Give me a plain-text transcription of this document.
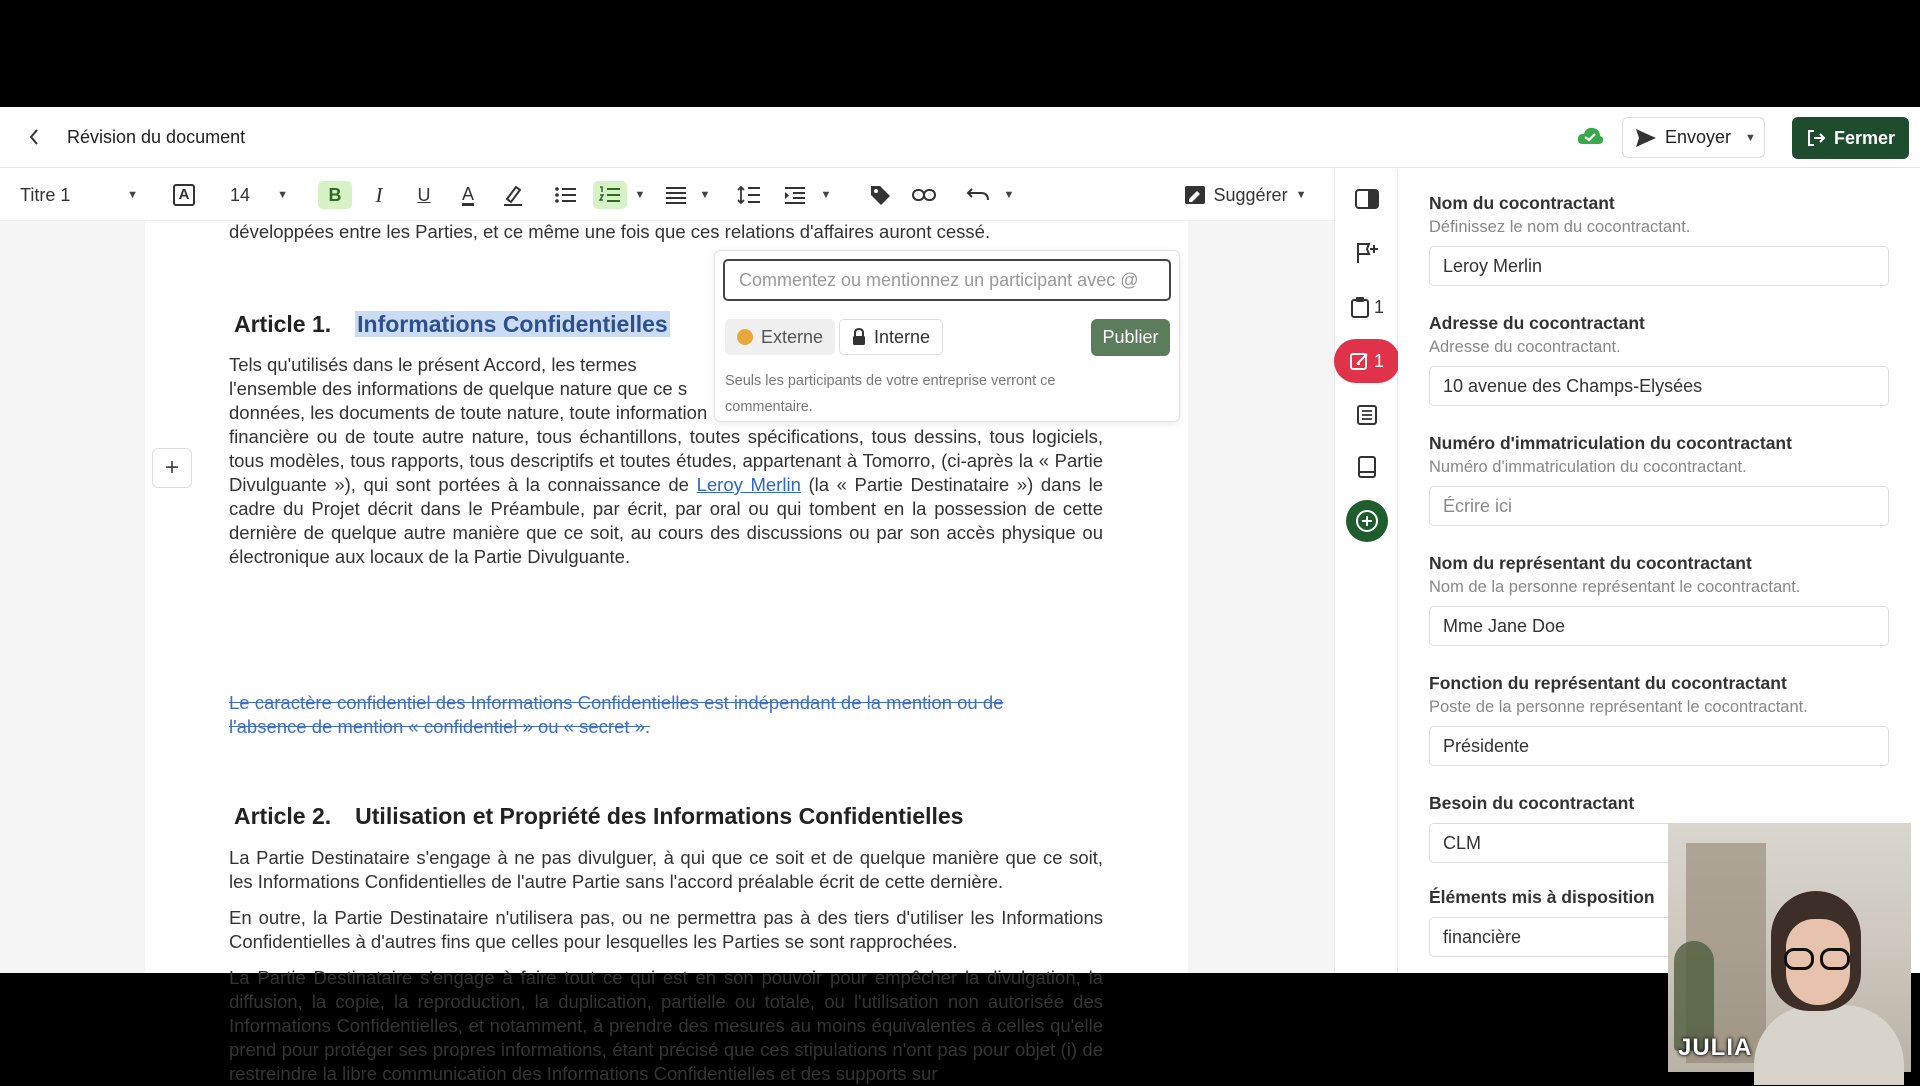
Révision du document	Envoyer ▼	Fermer
Titre 1	▼	A	14 ▼ B I U A	▼	▼	▼	▼	Suggérer ▼
+
développées entre les Parties, et ce même une fois que ces relations d'affaires auront cessé.
Article 1. Informations Confidentielles
Tels qu'utilisés dans le présent Accord, les termes
l'ensemble des informations de quelque nature que ce s
données, les documents de toute nature, toute information
financière ou de toute autre nature, tous échantillons, toutes spécifications, tous dessins, tous logiciels, tous modèles, tous rapports, tous descriptifs et toutes études, appartenant à Tomorro, (ci-après la « Partie Divulguante »), qui sont portées à la connaissance de Leroy Merlin (la « Partie Destinataire ») dans le cadre du Projet décrit dans le Préambule, par écrit, par oral ou qui tombent en la possession de cette dernière de quelque autre manière que ce soit, au cours des discussions ou par son accès physique ou électronique aux locaux de la Partie Divulguante.
Le caractère confidentiel des Informations Confidentielles est indépendant de la mention ou de l'absence de mention « confidentiel » ou « secret ».
Article 2. Utilisation et Propriété des Informations Confidentielles
La Partie Destinataire s'engage à ne pas divulguer, à qui que ce soit et de quelque manière que ce soit, les Informations Confidentielles de l'autre Partie sans l'accord préalable écrit de cette dernière.
En outre, la Partie Destinataire n'utilisera pas, ou ne permettra pas à des tiers d'utiliser les Informations Confidentielles à d'autres fins que celles pour lesquelles les Parties se sont rapprochées.
La Partie Destinataire s'engage à faire tout ce qui est en son pouvoir pour empêcher la divulgation, la diffusion, la copie, la reproduction, la duplication, partielle ou totale, ou l'utilisation non autorisée des Informations Confidentielles, et notamment, à prendre des mesures au moins équivalentes à celles qu'elle prend pour protéger ses propres informations, étant précisé que ces stipulations n'ont pas pour objet (i) de restreindre la libre communication des Informations Confidentielles et des supports sur
Commentez ou mentionnez un participant avec @
Externe	Interne	Publier
Seuls les participants de votre entreprise verront ce commentaire.
1
1
Nom du cocontractant
Définissez le nom du cocontractant.
Leroy Merlin
Adresse du cocontractant
Adresse du cocontractant.
10 avenue des Champs-Elysées
Numéro d'immatriculation du cocontractant
Numéro d'immatriculation du cocontractant.
Écrire ici
Nom du représentant du cocontractant
Nom de la personne représentant le cocontractant.
Mme Jane Doe
Fonction du représentant du cocontractant
Poste de la personne représentant le cocontractant.
Présidente
Besoin du cocontractant
CLM
Éléments mis à disposition
financière
JULIA
